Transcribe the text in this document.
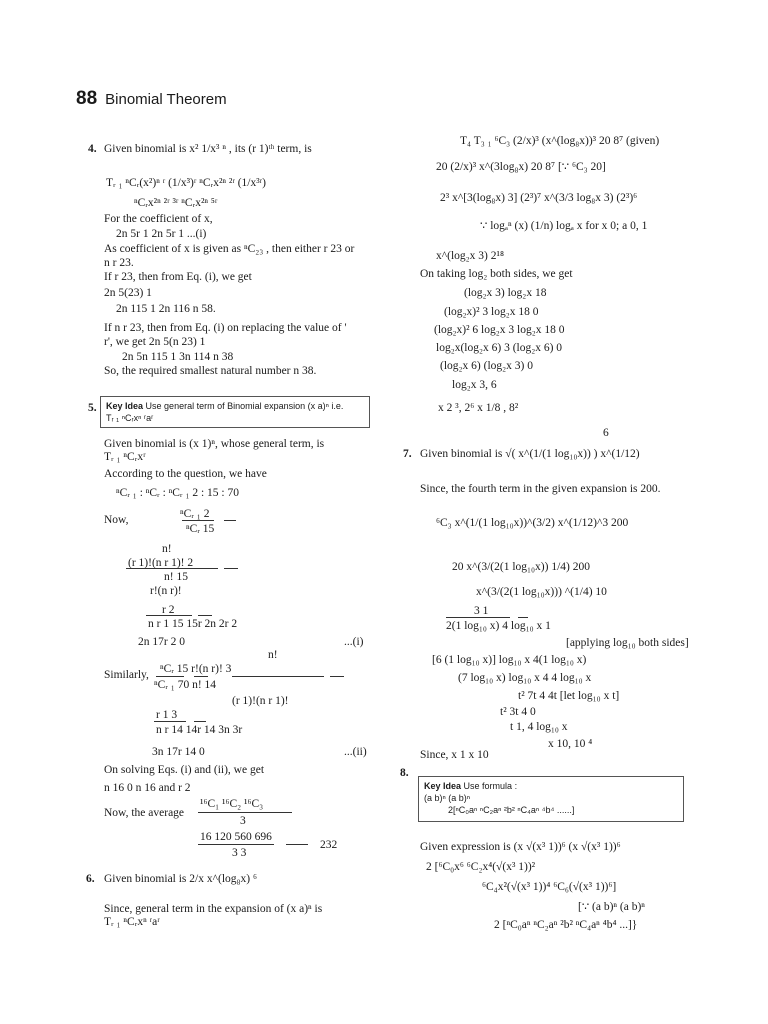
88 Binomial Theorem
4. Given binomial is x² 1/x³ ⁿ , its (r 1)ᵗʰ term, is
Tᵣ ₁ ⁿCᵣ(x²)ⁿ ʳ (1/x³)ʳ ⁿCᵣx²ⁿ ²ʳ (1/x³ʳ)
ⁿCᵣx²ⁿ ²ʳ ³ʳ ⁿCᵣx²ⁿ ⁵ʳ
For the coefficient of x,
2n 5r 1 2n 5r 1 ...(i)
As coefficient of x is given as ⁿC₂₃ , then either r 23 or
n r 23.
If r 23, then from Eq. (i), we get
2n 5(23) 1
2n 115 1 2n 116 n 58.
If n r 23, then from Eq. (i) on replacing the value of '
r', we get 2n 5(n 23) 1
2n 5n 115 1 3n 114 n 38
So, the required smallest natural number n 38.
5.
Given binomial is (x 1)ⁿ, whose general term, is
Tᵣ ₁ ⁿCᵣxʳ
According to the question, we have
ⁿCᵣ ₁ : ⁿCᵣ : ⁿCᵣ ₁ 2 : 15 : 70
ⁿCᵣ ₁ 2
Now,
ⁿCᵣ 15
n!
(r 1)!(n r 1)! 2
n! 15
r!(n r)!
r 2
n r 1 15 15r 2n 2r 2
2n 17r 2 0	...(i)
n!
ⁿCᵣ 15 r!(n r)! 3
Similarly,
ⁿCᵣ ₁ 70 n! 14
(r 1)!(n r 1)!
r 1 3
n r 14 14r 14 3n 3r
3n 17r 14 0	...(ii)
On solving Eqs. (i) and (ii), we get
n 16 0 n 16 and r 2
¹⁶C₁ ¹⁶C₂ ¹⁶C₃
Now, the average
3
16 120 560 696
3 3
232
6. Given binomial is 2/x x^(log₈x) ⁶
Since, general term in the expansion of (x a)ⁿ is
Tᵣ ₁ ⁿCᵣxⁿ ʳaʳ
T₄ T₃ ₁ ⁶C₃ (2/x)³ (x^(log₈x))³ 20 8⁷ (given)
20 (2/x)³ x^(3log₈x) 20 8⁷ [∵ ⁶C₃ 20]
2³ x^[3(log₈x) 3] (2³)⁷ x^(3/3 log₈x 3) (2³)⁶
∵ logₐⁿ (x) (1/n) logₐ x for x 0; a 0, 1
x^(log₂x 3) 2¹⁸
On taking log₂ both sides, we get
(log₂x 3) log₂x 18
(log₂x)² 3 log₂x 18 0
(log₂x)² 6 log₂x 3 log₂x 18 0
log₂x(log₂x 6) 3 (log₂x 6) 0
(log₂x 6) (log₂x 3) 0
log₂x 3, 6
x 2 ³, 2⁶ x 1/8 , 8²
6
7. Given binomial is √( x^(1/(1 log₁₀x)) ) x^(1/12)
Since, the fourth term in the given expansion is 200.
⁶C₃ x^(1/(1 log₁₀x))^(3/2) x^(1/12)^3 200
20 x^(3/(2(1 log₁₀x)) 1/4) 200
x^(3/(2(1 log₁₀x))) ^(1/4) 10
3 1
2(1 log₁₀ x) 4 log₁₀ x 1
[applying log₁₀ both sides]
[6 (1 log₁₀ x)] log₁₀ x 4(1 log₁₀ x)
(7 log₁₀ x) log₁₀ x 4 4 log₁₀ x
t² 7t 4 4t [let log₁₀ x t]
t² 3t 4 0
t 1, 4 log₁₀ x
x 10, 10 ⁴
Since, x 1 x 10
8.
Given expression is (x √(x³ 1))⁶ (x √(x³ 1))⁶
2 [⁶C₀x⁶ ⁶C₂x⁴(√(x³ 1))²
⁶C₄x²(√(x³ 1))⁴ ⁶C₆(√(x³ 1))⁶]
[∵ (a b)ⁿ (a b)ⁿ
2 [ⁿC₀aⁿ ⁿC₂aⁿ ²b² ⁿC₄aⁿ ⁴b⁴ ...]}
Key Idea Use general term of Binomial expansion (x a)ⁿ i.e.
Tᵣ ₁ ⁿCᵣxⁿ ʳaʳ
Key Idea Use formula :
(a b)ⁿ (a b)ⁿ
2[ⁿC₀aⁿ ⁿC₂aⁿ ²b² ⁿC₄aⁿ ⁴b⁴ ......]
